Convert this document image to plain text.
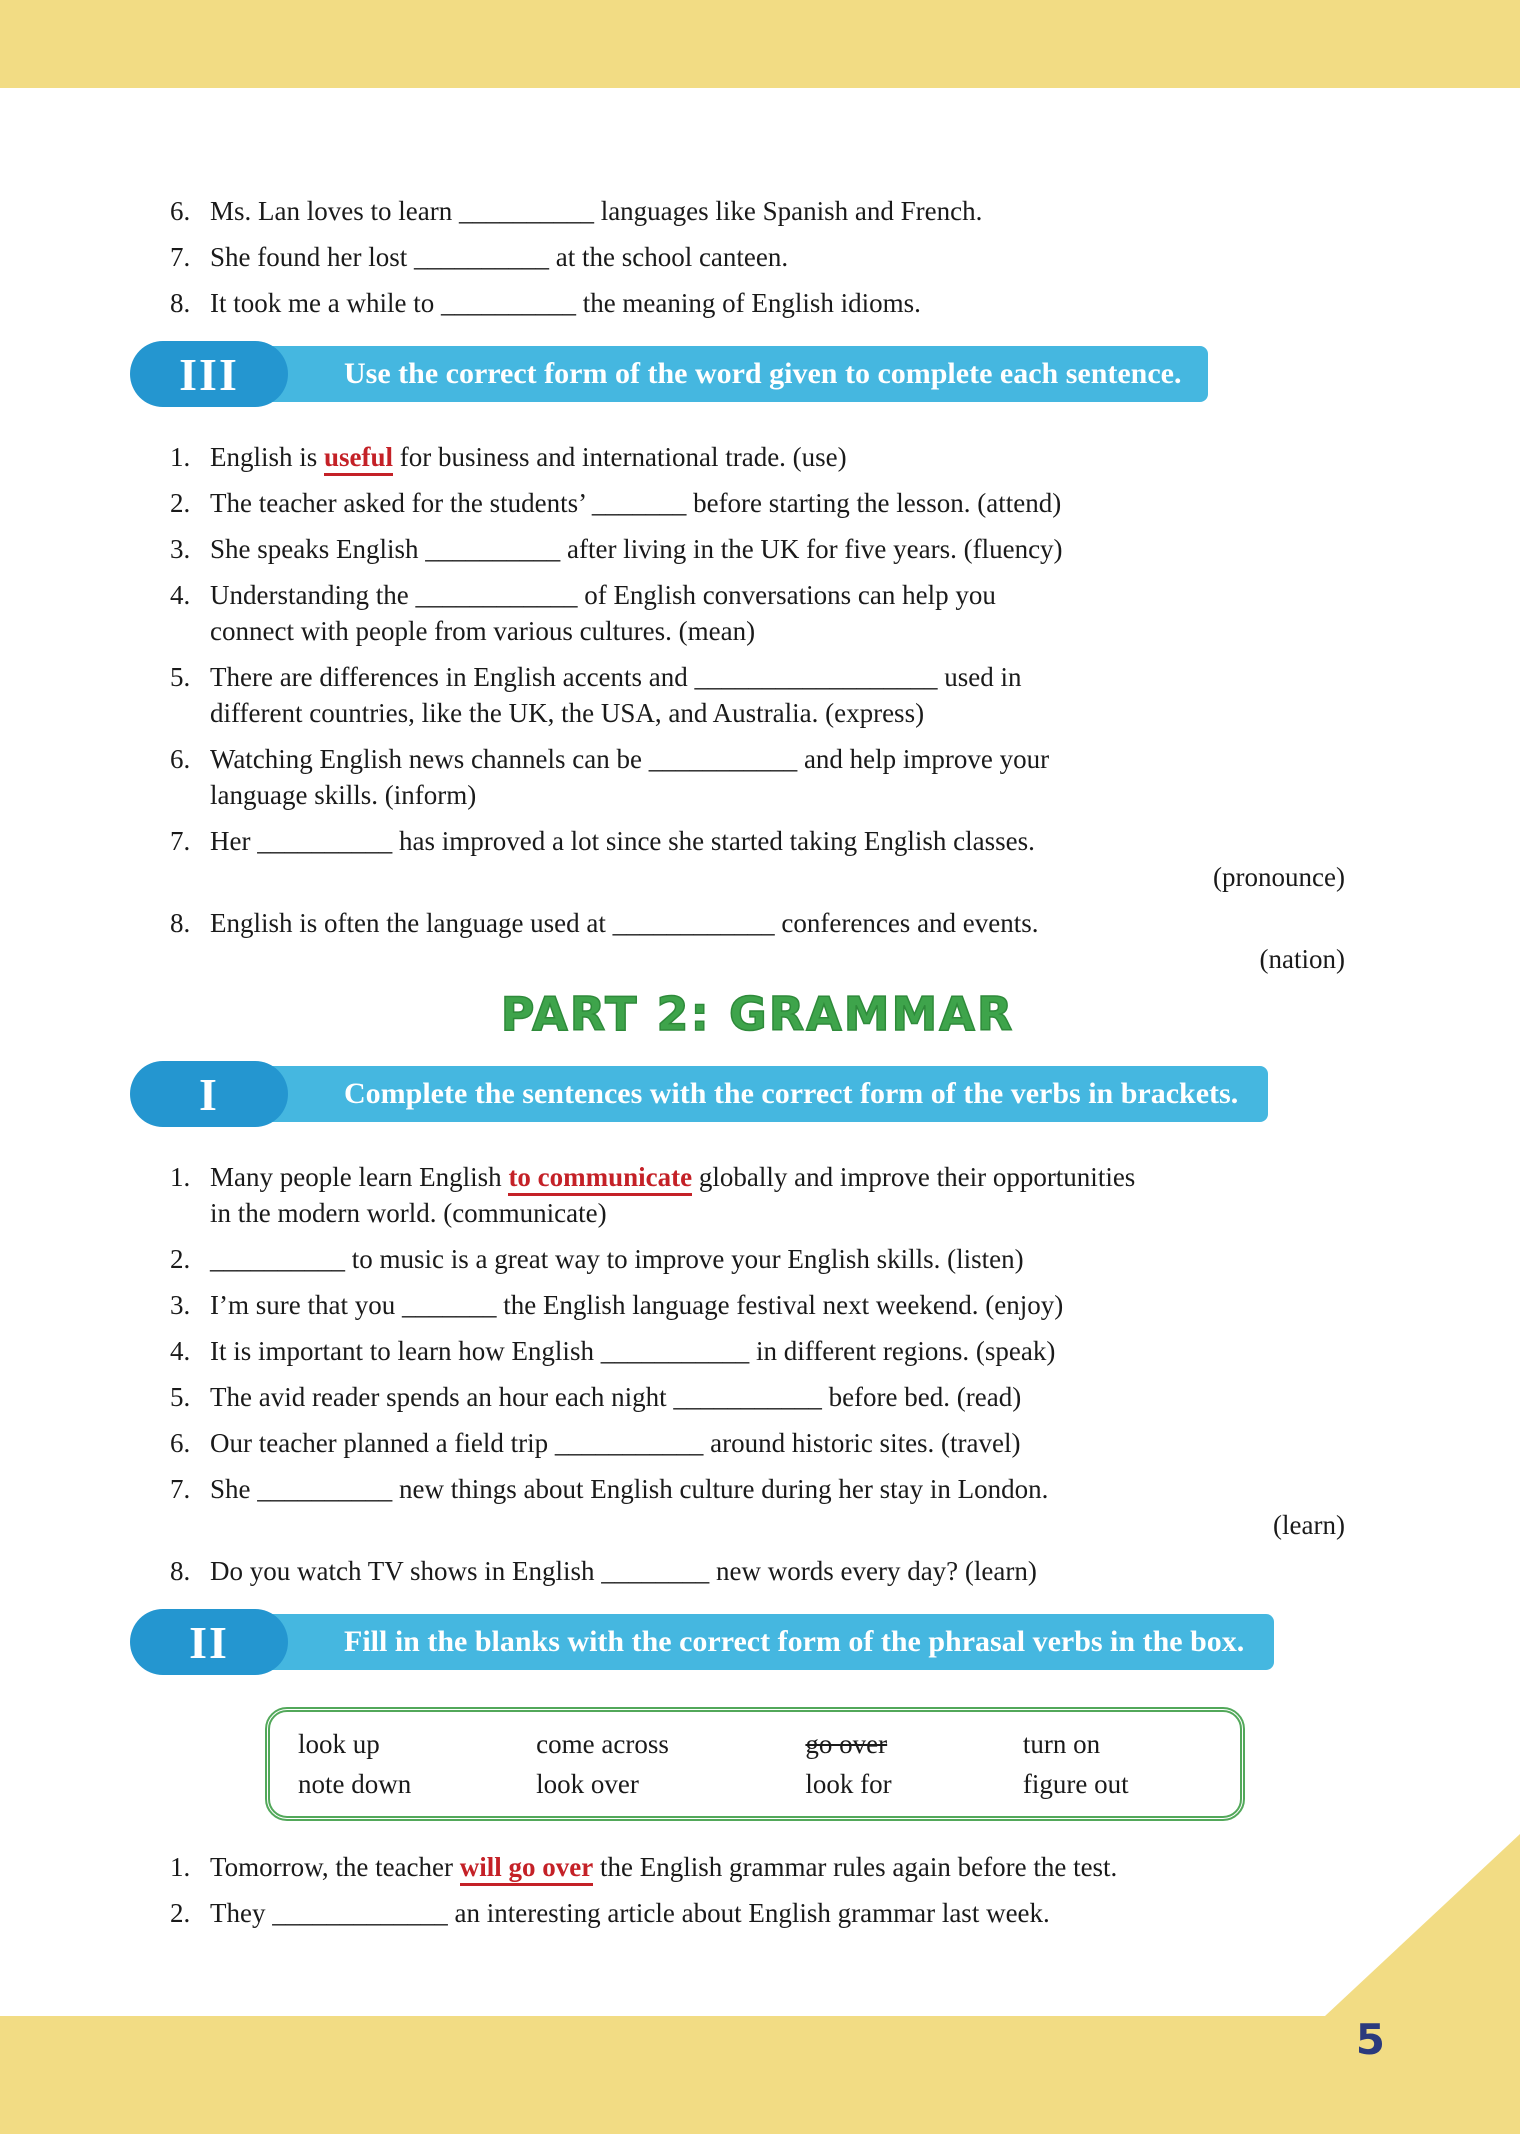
6. Ms. Lan loves to learn __________ languages like Spanish and French.
7. She found her lost __________ at the school canteen.
8. It took me a while to __________ the meaning of English idioms.
III	Use the correct form of the word given to complete each sentence.
1. English is useful for business and international trade. (use)
2. The teacher asked for the students’ _______ before starting the lesson. (attend)
3. She speaks English __________ after living in the UK for five years. (fluency)
4. Understanding the ____________ of English conversations can help you
connect with people from various cultures. (mean)
5. There are differences in English accents and __________________ used in
different countries, like the UK, the USA, and Australia. (express)
6. Watching English news channels can be ___________ and help improve your
language skills. (inform)
7. Her __________ has improved a lot since she started taking English classes.
(pronounce)
8. English is often the language used at ____________ conferences and events.
(nation)
PART 2: GRAMMAR
I	Complete the sentences with the correct form of the verbs in brackets.
1. Many people learn English to communicate globally and improve their opportunities
in the modern world. (communicate)
2. __________ to music is a great way to improve your English skills. (listen)
3. I’m sure that you _______ the English language festival next weekend. (enjoy)
4. It is important to learn how English ___________ in different regions. (speak)
5. The avid reader spends an hour each night ___________ before bed. (read)
6. Our teacher planned a field trip ___________ around historic sites. (travel)
7. She __________ new things about English culture during her stay in London.
(learn)
8. Do you watch TV shows in English ________ new words every day? (learn)
II	Fill in the blanks with the correct form of the phrasal verbs in the box.
look up	come across	go over	turn on
note down	look over	look for	figure out
1. Tomorrow, the teacher will go over the English grammar rules again before the test.
2. They _____________ an interesting article about English grammar last week.
5
